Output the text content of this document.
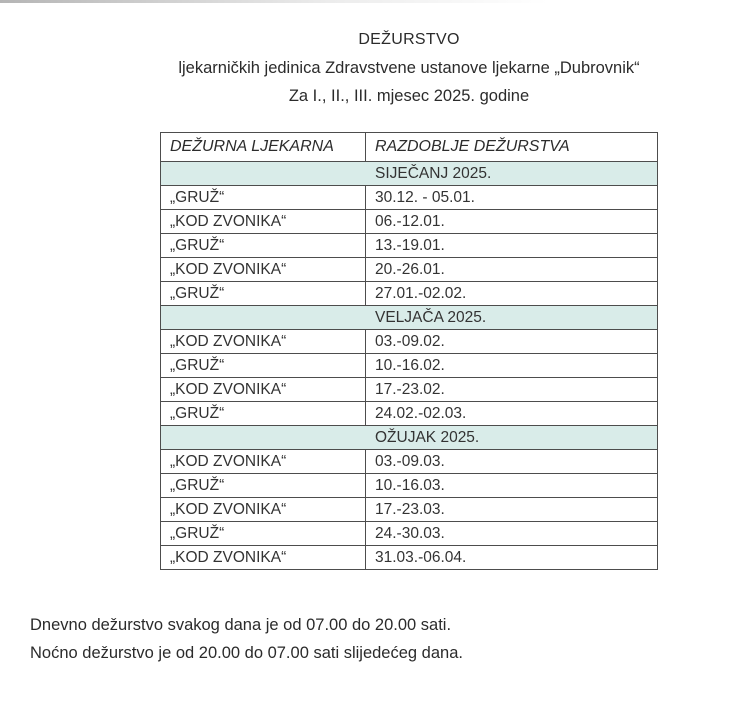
DEŽURSTVO
ljekarničkih jedinica Zdravstvene ustanove ljekarne „Dubrovnik“
Za I., II., III. mjesec 2025. godine
DEŽURNA LJEKARNA	RAZDOBLJE DEŽURSTVA
SIJEČANJ 2025.	
„GRUŽ“	30.12. - 05.01.
„KOD ZVONIKA“	06.-12.01.
„GRUŽ“	13.-19.01.
„KOD ZVONIKA“	20.-26.01.
„GRUŽ“	27.01.-02.02.
VELJAČA 2025.	
„KOD ZVONIKA“	03.-09.02.
„GRUŽ“	10.-16.02.
„KOD ZVONIKA“	17.-23.02.
„GRUŽ“	24.02.-02.03.
OŽUJAK 2025.	
„KOD ZVONIKA“	03.-09.03.
„GRUŽ“	10.-16.03.
„KOD ZVONIKA“	17.-23.03.
„GRUŽ“	24.-30.03.
„KOD ZVONIKA“	31.03.-06.04.
Dnevno dežurstvo svakog dana je od 07.00 do 20.00 sati.
Noćno dežurstvo je od 20.00 do 07.00 sati slijedećeg dana.
